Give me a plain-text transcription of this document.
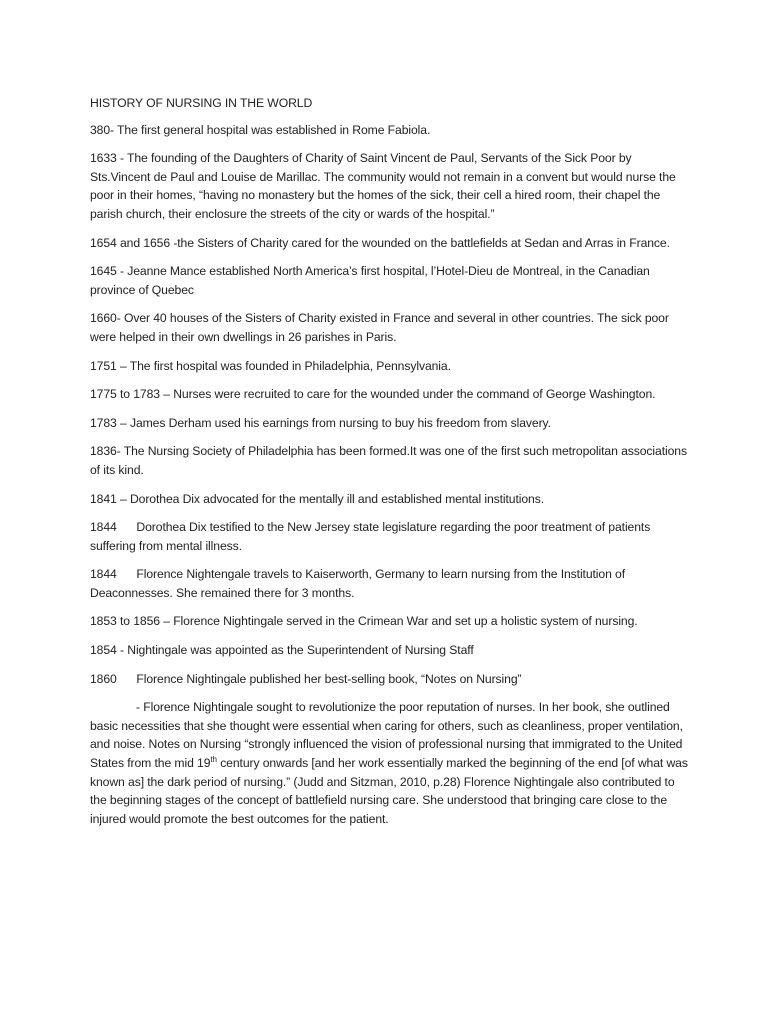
HISTORY OF NURSING IN THE WORLD

380- The first general hospital was established in Rome Fabiola.

1633 - The founding of the Daughters of Charity of Saint Vincent de Paul, Servants of the Sick Poor by Sts.Vincent de Paul and Louise de Marillac. The community would not remain in a convent but would nurse the poor in their homes, “having no monastery but the homes of the sick, their cell a hired room, their chapel the parish church, their enclosure the streets of the city or wards of the hospital.”

1654 and 1656 -the Sisters of Charity cared for the wounded on the battlefields at Sedan and Arras in France.

1645 - Jeanne Mance established North America’s first hospital, l’Hotel-Dieu de Montreal, in the Canadian province of Quebec

1660- Over 40 houses of the Sisters of Charity existed in France and several in other countries. The sick poor were helped in their own dwellings in 26 parishes in Paris.

1751 – The first hospital was founded in Philadelphia, Pennsylvania.

1775 to 1783 – Nurses were recruited to care for the wounded under the command of George Washington.

1783 – James Derham used his earnings from nursing to buy his freedom from slavery.

1836- The Nursing Society of Philadelphia has been formed.It was one of the first such metropolitan associations of its kind.

1841 – Dorothea Dix advocated for the mentally ill and established mental institutions.

1844      Dorothea Dix testified to the New Jersey state legislature regarding the poor treatment of patients suffering from mental illness.

1844      Florence Nightengale travels to Kaiserworth, Germany to learn nursing from the Institution of Deaconnesses. She remained there for 3 months.

1853 to 1856 – Florence Nightingale served in the Crimean War and set up a holistic system of nursing.

1854 - Nightingale was appointed as the Superintendent of Nursing Staff

1860      Florence Nightingale published her best-selling book, “Notes on Nursing”

- Florence Nightingale sought to revolutionize the poor reputation of nurses. In her book, she outlined basic necessities that she thought were essential when caring for others, such as cleanliness, proper ventilation, and noise. Notes on Nursing “strongly influenced the vision of professional nursing that immigrated to the United States from the mid 19th century onwards [and her work essentially marked the beginning of the end [of what was known as] the dark period of nursing.” (Judd and Sitzman, 2010, p.28) Florence Nightingale also contributed to the beginning stages of the concept of battlefield nursing care. She understood that bringing care close to the injured would promote the best outcomes for the patient.
